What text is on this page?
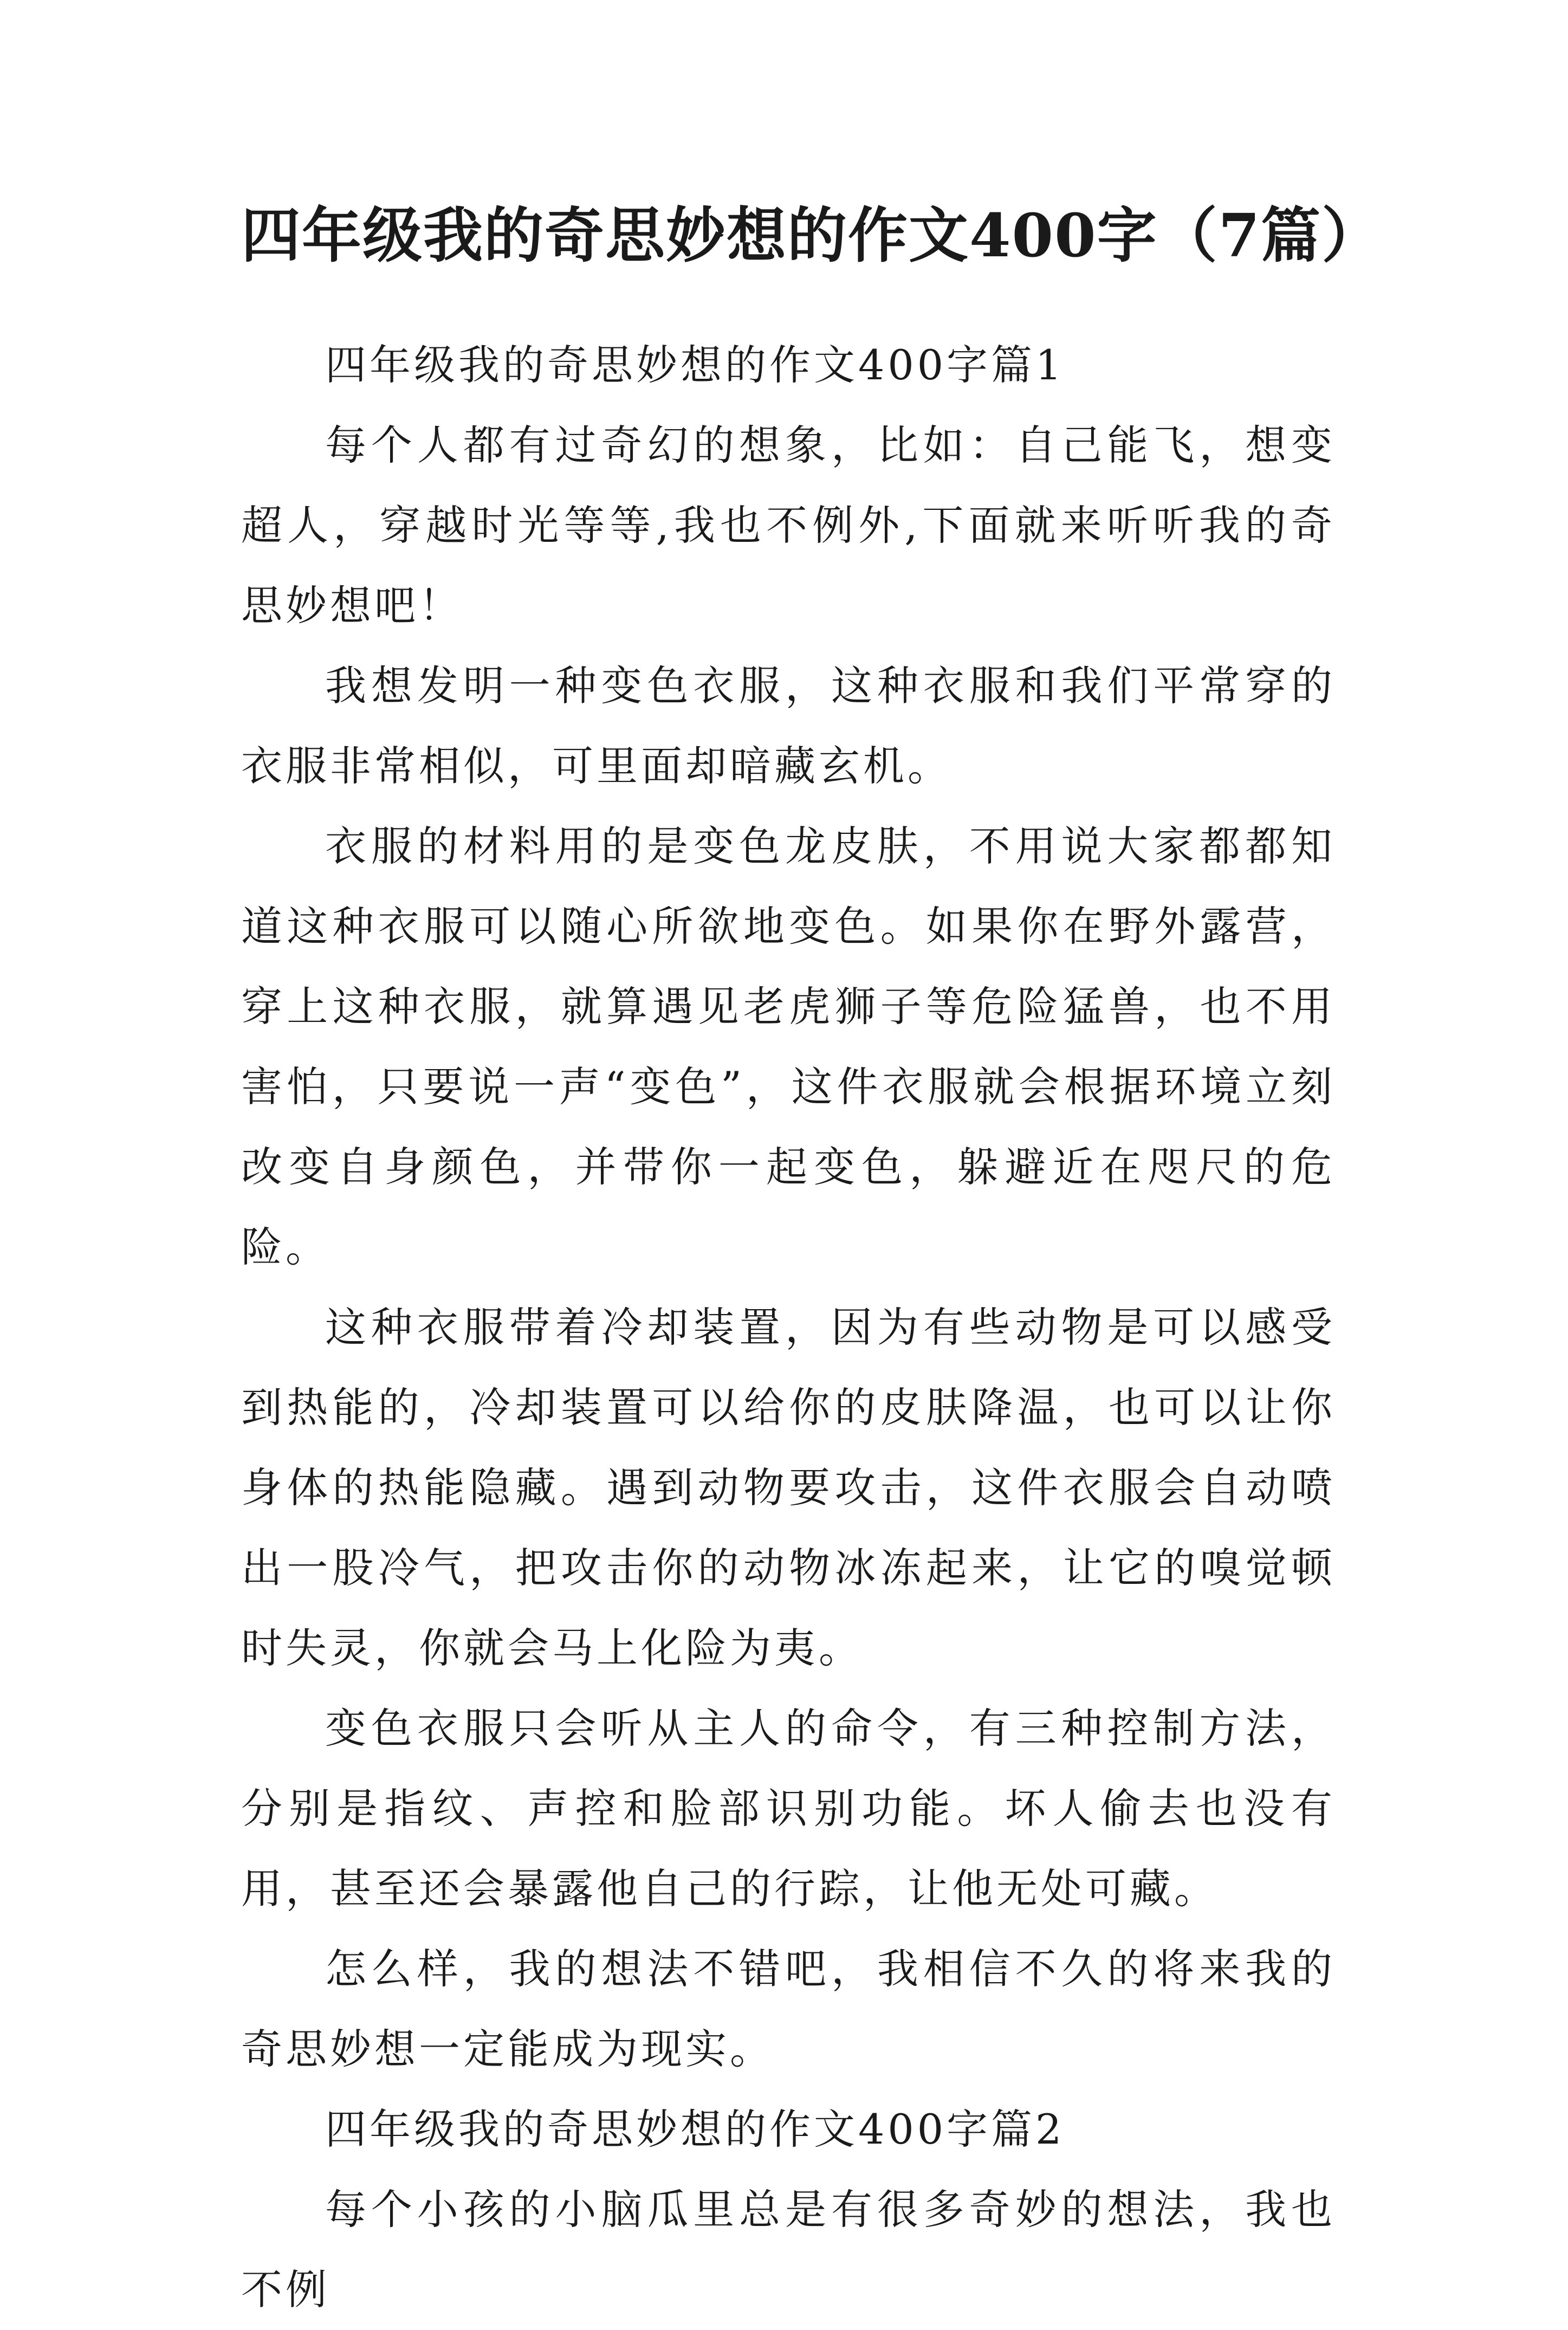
四年级我的奇思妙想的作文400字（7篇）

四年级我的奇思妙想的作文400字篇1

每个人都有过奇幻的想象，比如：自己能飞，想变超人，穿越时光等等,我也不例外,下面就来听听我的奇思妙想吧！

我想发明一种变色衣服，这种衣服和我们平常穿的衣服非常相似，可里面却暗藏玄机。

衣服的材料用的是变色龙皮肤，不用说大家都都知道这种衣服可以随心所欲地变色。如果你在野外露营，穿上这种衣服，就算遇见老虎狮子等危险猛兽，也不用害怕，只要说一声“变色”，这件衣服就会根据环境立刻改变自身颜色，并带你一起变色，躲避近在咫尺的危险。

这种衣服带着冷却装置，因为有些动物是可以感受到热能的，冷却装置可以给你的皮肤降温，也可以让你身体的热能隐藏。遇到动物要攻击，这件衣服会自动喷出一股冷气，把攻击你的动物冰冻起来，让它的嗅觉顿时失灵，你就会马上化险为夷。

变色衣服只会听从主人的命令，有三种控制方法，分别是指纹、声控和脸部识别功能。坏人偷去也没有用，甚至还会暴露他自己的行踪，让他无处可藏。

怎么样，我的想法不错吧，我相信不久的将来我的奇思妙想一定能成为现实。

四年级我的奇思妙想的作文400字篇2

每个小孩的小脑瓜里总是有很多奇妙的想法，我也不例
